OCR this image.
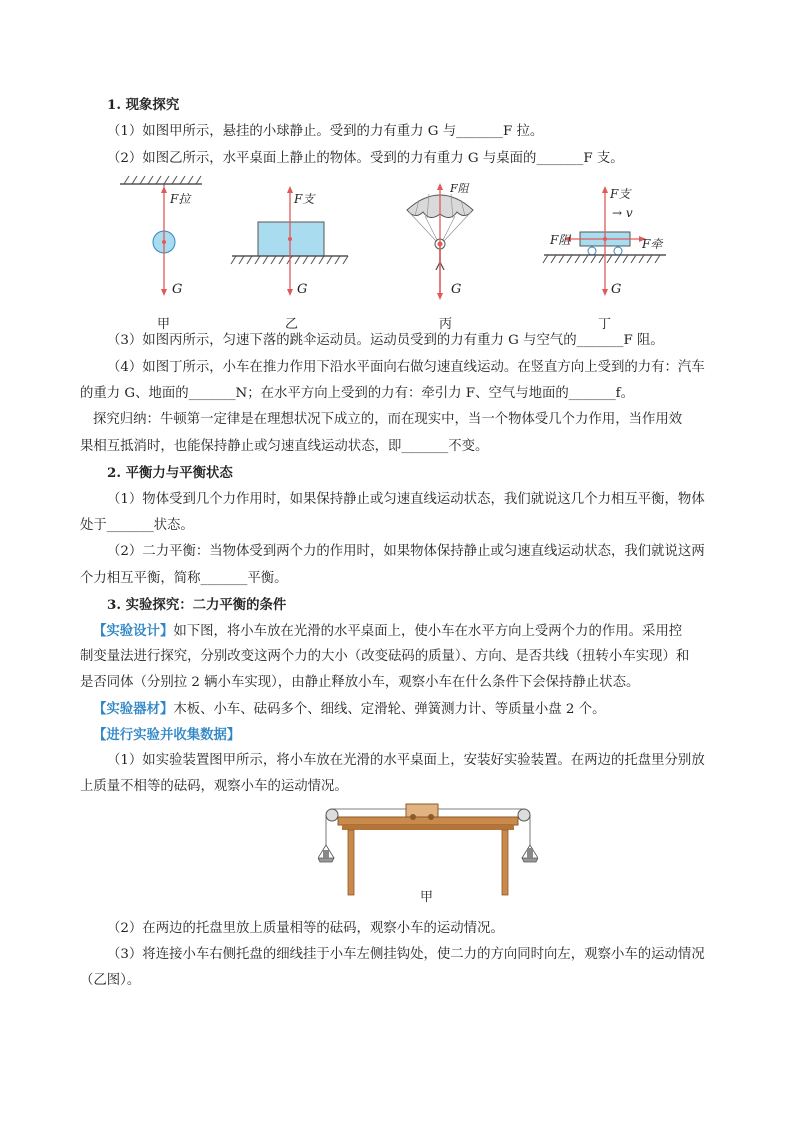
1. 现象探究
（1）如图甲所示，悬挂的小球静止。受到的力有重力 G 与_______F 拉。
（2）如图乙所示，水平桌面上静止的物体。受到的力有重力 G 与桌面的_______F 支。
F拉
G
甲
F支
G
乙
F阻
G
丙
F支
→ v
F阻	F牵
G
丁
（3）如图丙所示，匀速下落的跳伞运动员。运动员受到的力有重力 G 与空气的_______F 阻。
（4）如图丁所示，小车在推力作用下沿水平面向右做匀速直线运动。在竖直方向上受到的力有：汽车
的重力 G、地面的_______N；在水平方向上受到的力有：牵引力 F、空气与地面的_______f。
探究归纳：牛顿第一定律是在理想状况下成立的，而在现实中，当一个物体受几个力作用，当作用效
果相互抵消时，也能保持静止或匀速直线运动状态，即_______不变。
2. 平衡力与平衡状态
（1）物体受到几个力作用时，如果保持静止或匀速直线运动状态，我们就说这几个力相互平衡，物体
处于_______状态。
（2）二力平衡：当物体受到两个力的作用时，如果物体保持静止或匀速直线运动状态，我们就说这两
个力相互平衡，简称_______平衡。
3. 实验探究：二力平衡的条件
【实验设计】如下图，将小车放在光滑的水平桌面上，使小车在水平方向上受两个力的作用。采用控
制变量法进行探究，分别改变这两个力的大小（改变砝码的质量）、方向、是否共线（扭转小车实现）和
是否同体（分别拉 2 辆小车实现），由静止释放小车，观察小车在什么条件下会保持静止状态。
【实验器材】木板、小车、砝码多个、细线、定滑轮、弹簧测力计、等质量小盘 2 个。
【进行实验并收集数据】
（1）如实验装置图甲所示，将小车放在光滑的水平桌面上，安装好实验装置。在两边的托盘里分别放
上质量不相等的砝码，观察小车的运动情况。
甲
（2）在两边的托盘里放上质量相等的砝码，观察小车的运动情况。
（3）将连接小车右侧托盘的细线挂于小车左侧挂钩处，使二力的方向同时向左，观察小车的运动情况
（乙图）。
